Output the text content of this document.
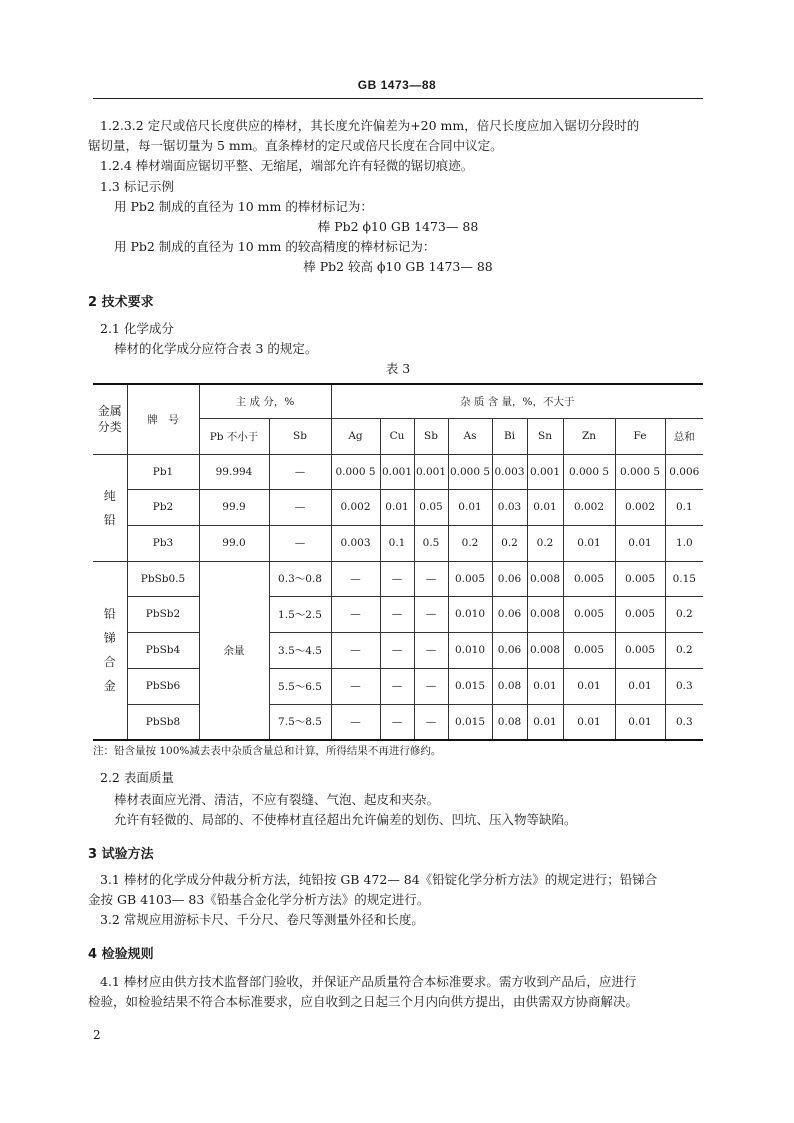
GB 1473—88
1.2.3.2 定尺或倍尺长度供应的棒材，其长度允许偏差为+20 mm，倍尺长度应加入锯切分段时的
锯切量，每一锯切量为 5 mm。直条棒材的定尺或倍尺长度在合同中议定。
1.2.4 棒材端面应锯切平整、无缩尾，端部允许有轻微的锯切痕迹。
1.3 标记示例
用 Pb2 制成的直径为 10 mm 的棒材标记为：
棒 Pb2 ϕ10 GB 1473— 88
用 Pb2 制成的直径为 10 mm 的较高精度的棒材标记为：
棒 Pb2 较高 ϕ10 GB 1473— 88
2 技术要求
2.1 化学成分
棒材的化学成分应符合表 3 的规定。
表 3
金属分类	牌　号	主 成 分，%		杂 质 含 量，%，不大于								
		Pb 不小于	Sb	Ag	Cu	Sb	As	Bi	Sn	Zn	Fe	总和
纯铅	Pb1	99.994	—	0.000 5	0.001	0.001	0.000 5	0.003	0.001	0.000 5	0.000 5	0.006
	Pb2	99.9	—	0.002	0.01	0.05	0.01	0.03	0.01	0.002	0.002	0.1
	Pb3	99.0	—	0.003	0.1	0.5	0.2	0.2	0.2	0.01	0.01	1.0
铅锑合金	PbSb0.5	余量	0.3～0.8	—	—	—	0.005	0.06	0.008	0.005	0.005	0.15
	PbSb2		1.5～2.5	—	—	—	0.010	0.06	0.008	0.005	0.005	0.2
	PbSb4		3.5～4.5	—	—	—	0.010	0.06	0.008	0.005	0.005	0.2
	PbSb6		5.5～6.5	—	—	—	0.015	0.08	0.01	0.01	0.01	0.3
	PbSb8		7.5～8.5	—	—	—	0.015	0.08	0.01	0.01	0.01	0.3
注：铅含量按 100%减去表中杂质含量总和计算，所得结果不再进行修约。
2.2 表面质量
棒材表面应光滑、清洁，不应有裂缝、气泡、起皮和夹杂。
允许有轻微的、局部的、不使棒材直径超出允许偏差的划伤、凹坑、压入物等缺陷。
3 试验方法
3.1 棒材的化学成分仲裁分析方法，纯铅按 GB 472— 84《铅锭化学分析方法》的规定进行；铅锑合
金按 GB 4103— 83《铅基合金化学分析方法》的规定进行。
3.2 常规应用游标卡尺、千分尺、卷尺等测量外径和长度。
4 检验规则
4.1 棒材应由供方技术监督部门验收，并保证产品质量符合本标准要求。需方收到产品后，应进行
检验，如检验结果不符合本标准要求，应自收到之日起三个月内向供方提出，由供需双方协商解决。
2
